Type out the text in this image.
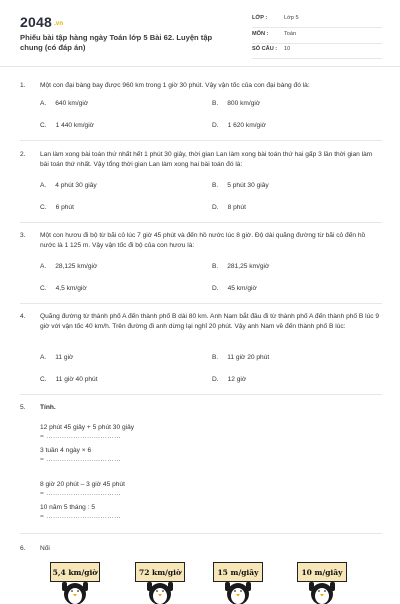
2048 .vn
Phiếu bài tập hàng ngày Toán lớp 5 Bài 62. Luyện tập chung (có đáp án)
LỚP :	Lớp 5
MÔN :	Toán
SỐ CÂU : 10
1. Một con đại bàng bay được 960 km trong 1 giờ 30 phút. Vậy vận tốc của con đại bàng đó là:
A. 640 km/giờ	B. 800 km/giờ
C. 1 440 km/giờ	D. 1 620 km/giờ
2. Lan làm xong bài toán thứ nhất hết 1 phút 30 giây, thời gian Lan làm xong bài toán thứ hai gấp 3 lần thời gian làm bài toán thứ nhất. Vậy tổng thời gian Lan làm xong hai bài toán đó là:
A. 4 phút 30 giây	B. 5 phút 30 giây
C. 6 phút	D. 8 phút
3. Một con hươu đi bộ từ bãi cỏ lúc 7 giờ 45 phút và đến hồ nước lúc 8 giờ. Độ dài quãng đường từ bãi cỏ đến hồ nước là 1 125 m. Vậy vận tốc đi bộ của con hươu là:
A. 28,125 km/giờ	B. 281,25 km/giờ
C. 4,5 km/giờ	D. 45 km/giờ
4. Quãng đường từ thành phố A đến thành phố B dài 80 km. Anh Nam bắt đầu đi từ thành phố A đến thành phố B lúc 9 giờ với vận tốc 40 km/h. Trên đường đi anh dừng lại nghỉ 20 phút. Vậy anh Nam về đến thành phố B lúc:
A. 11 giờ	B. 11 giờ 20 phút
C. 11 giờ 40 phút	D. 12 giờ
5. Tính.
12 phút 45 giây + 5 phút 30 giây
= ……………………………
3 tuần 4 ngày × 6
= ……………………………
8 giờ 20 phút – 3 giờ 45 phút
= ……………………………
10 năm 5 tháng : 5
= ……………………………
6. Nối
5,4 km/giờ	72 km/giờ	15 m/giây	10 m/giây
